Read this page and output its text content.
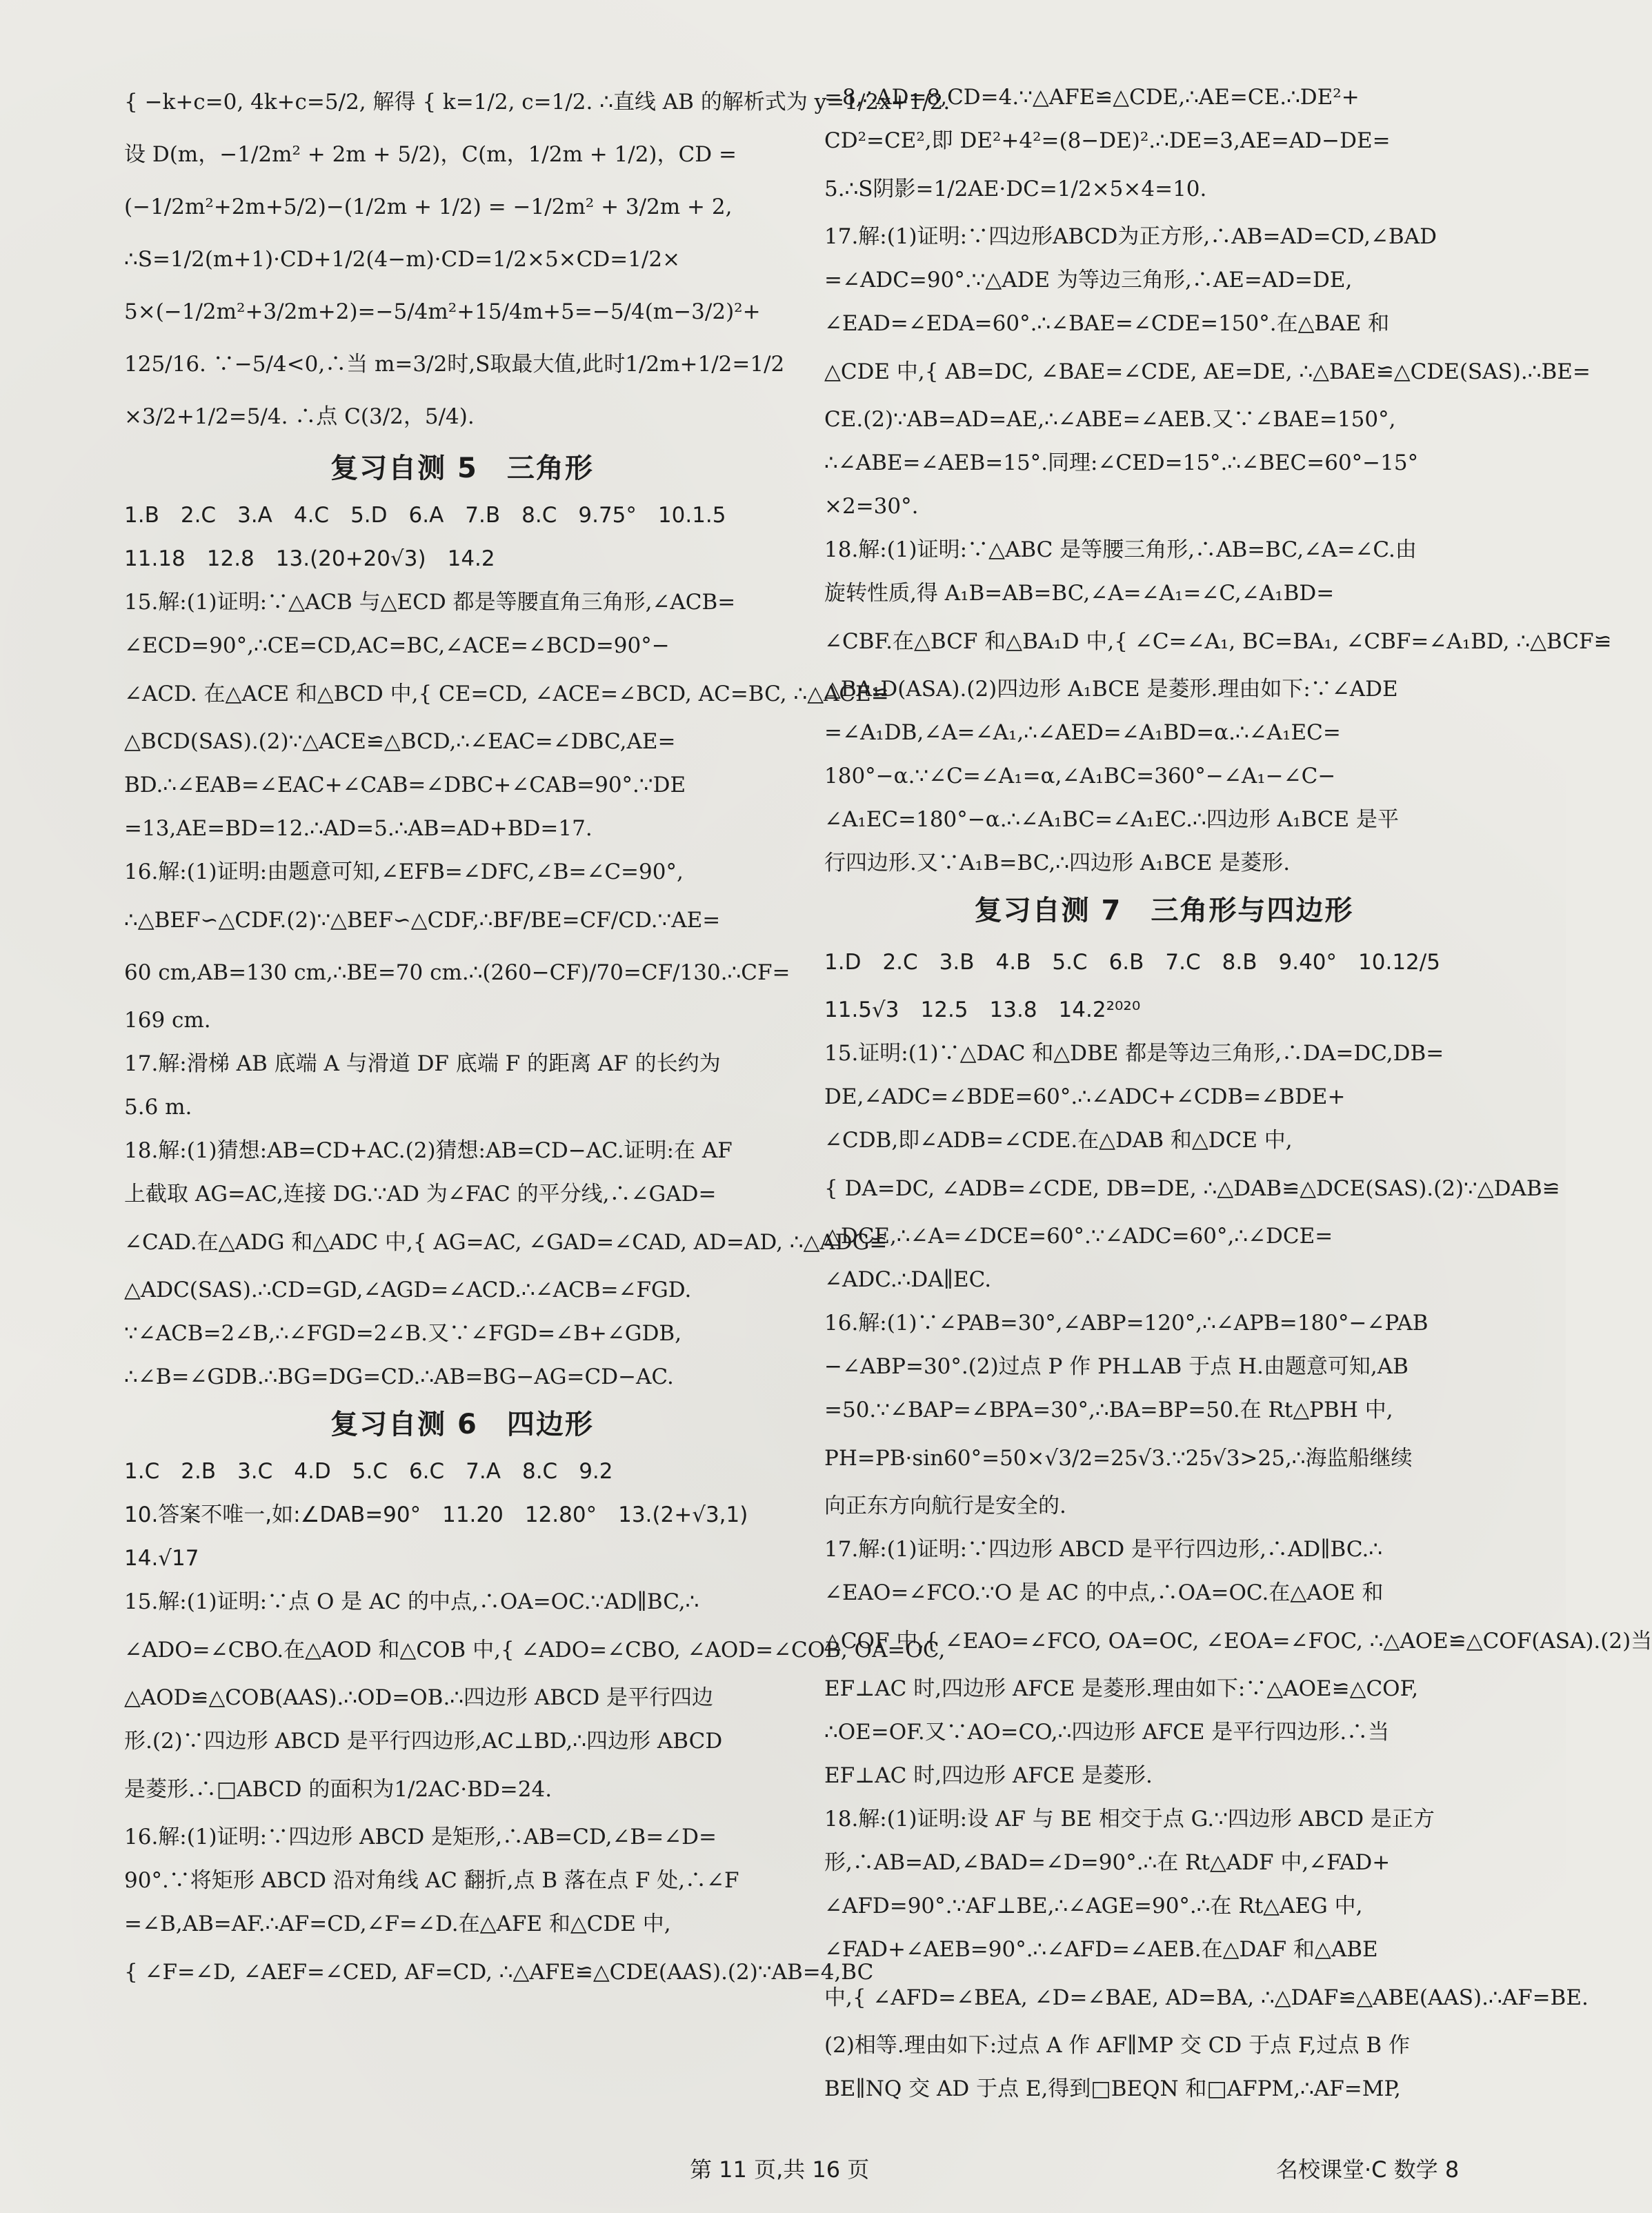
{ −k+c=0, 4k+c=5/2, 解得 { k=1/2, c=1/2. ∴直线 AB 的解析式为 y=1/2x+1/2.
设 D(m，−1/2m² + 2m + 5/2)，C(m，1/2m + 1/2)，CD =
(−1/2m²+2m+5/2)−(1/2m + 1/2) = −1/2m² + 3/2m + 2,
∴S=1/2(m+1)·CD+1/2(4−m)·CD=1/2×5×CD=1/2×
5×(−1/2m²+3/2m+2)=−5/4m²+15/4m+5=−5/4(m−3/2)²+
125/16. ∵−5/4<0,∴当 m=3/2时,S取最大值,此时1/2m+1/2=1/2
×3/2+1/2=5/4. ∴点 C(3/2，5/4).
复习自测 5　三角形
1.B　2.C　3.A　4.C　5.D　6.A　7.B　8.C　9.75°　10.1.5
11.18　12.8　13.(20+20√3)　14.2
15.解:(1)证明:∵△ACB 与△ECD 都是等腰直角三角形,∠ACB=
∠ECD=90°,∴CE=CD,AC=BC,∠ACE=∠BCD=90°−
∠ACD. 在△ACE 和△BCD 中,{ CE=CD, ∠ACE=∠BCD, AC=BC, ∴△ACE≌
△BCD(SAS).(2)∵△ACE≌△BCD,∴∠EAC=∠DBC,AE=
BD.∴∠EAB=∠EAC+∠CAB=∠DBC+∠CAB=90°.∵DE
=13,AE=BD=12.∴AD=5.∴AB=AD+BD=17.
16.解:(1)证明:由题意可知,∠EFB=∠DFC,∠B=∠C=90°,
∴△BEF∽△CDF.(2)∵△BEF∽△CDF,∴BF/BE=CF/CD.∵AE=
60 cm,AB=130 cm,∴BE=70 cm.∴(260−CF)/70=CF/130.∴CF=
169 cm.
17.解:滑梯 AB 底端 A 与滑道 DF 底端 F 的距离 AF 的长约为
5.6 m.
18.解:(1)猜想:AB=CD+AC.(2)猜想:AB=CD−AC.证明:在 AF
上截取 AG=AC,连接 DG.∵AD 为∠FAC 的平分线,∴∠GAD=
∠CAD.在△ADG 和△ADC 中,{ AG=AC, ∠GAD=∠CAD, AD=AD, ∴△ADG≌
△ADC(SAS).∴CD=GD,∠AGD=∠ACD.∴∠ACB=∠FGD.
∵∠ACB=2∠B,∴∠FGD=2∠B.又∵∠FGD=∠B+∠GDB,
∴∠B=∠GDB.∴BG=DG=CD.∴AB=BG−AG=CD−AC.
复习自测 6　四边形
1.C　2.B　3.C　4.D　5.C　6.C　7.A　8.C　9.2
10.答案不唯一,如:∠DAB=90°　11.20　12.80°　13.(2+√3,1)
14.√17
15.解:(1)证明:∵点 O 是 AC 的中点,∴OA=OC.∵AD∥BC,∴
∠ADO=∠CBO.在△AOD 和△COB 中,{ ∠ADO=∠CBO, ∠AOD=∠COB, OA=OC,
△AOD≌△COB(AAS).∴OD=OB.∴四边形 ABCD 是平行四边
形.(2)∵四边形 ABCD 是平行四边形,AC⊥BD,∴四边形 ABCD
是菱形.∴□ABCD 的面积为1/2AC·BD=24.
16.解:(1)证明:∵四边形 ABCD 是矩形,∴AB=CD,∠B=∠D=
90°.∵将矩形 ABCD 沿对角线 AC 翻折,点 B 落在点 F 处,∴∠F
=∠B,AB=AF.∴AF=CD,∠F=∠D.在△AFE 和△CDE 中,
{ ∠F=∠D, ∠AEF=∠CED, AF=CD, ∴△AFE≌△CDE(AAS).(2)∵AB=4,BC
=8,∴AD=8,CD=4.∵△AFE≌△CDE,∴AE=CE.∴DE²+
CD²=CE²,即 DE²+4²=(8−DE)².∴DE=3,AE=AD−DE=
5.∴S阴影=1/2AE·DC=1/2×5×4=10.
17.解:(1)证明:∵四边形ABCD为正方形,∴AB=AD=CD,∠BAD
=∠ADC=90°.∵△ADE 为等边三角形,∴AE=AD=DE,
∠EAD=∠EDA=60°.∴∠BAE=∠CDE=150°.在△BAE 和
△CDE 中,{ AB=DC, ∠BAE=∠CDE, AE=DE, ∴△BAE≌△CDE(SAS).∴BE=
CE.(2)∵AB=AD=AE,∴∠ABE=∠AEB.又∵∠BAE=150°,
∴∠ABE=∠AEB=15°.同理:∠CED=15°.∴∠BEC=60°−15°
×2=30°.
18.解:(1)证明:∵△ABC 是等腰三角形,∴AB=BC,∠A=∠C.由
旋转性质,得 A₁B=AB=BC,∠A=∠A₁=∠C,∠A₁BD=
∠CBF.在△BCF 和△BA₁D 中,{ ∠C=∠A₁, BC=BA₁, ∠CBF=∠A₁BD, ∴△BCF≌
△BA₁D(ASA).(2)四边形 A₁BCE 是菱形.理由如下:∵∠ADE
=∠A₁DB,∠A=∠A₁,∴∠AED=∠A₁BD=α.∴∠A₁EC=
180°−α.∵∠C=∠A₁=α,∠A₁BC=360°−∠A₁−∠C−
∠A₁EC=180°−α.∴∠A₁BC=∠A₁EC.∴四边形 A₁BCE 是平
行四边形.又∵A₁B=BC,∴四边形 A₁BCE 是菱形.
复习自测 7　三角形与四边形
1.D　2.C　3.B　4.B　5.C　6.B　7.C　8.B　9.40°　10.12/5
11.5√3　12.5　13.8　14.2²⁰²⁰
15.证明:(1)∵△DAC 和△DBE 都是等边三角形,∴DA=DC,DB=
DE,∠ADC=∠BDE=60°.∴∠ADC+∠CDB=∠BDE+
∠CDB,即∠ADB=∠CDE.在△DAB 和△DCE 中,
{ DA=DC, ∠ADB=∠CDE, DB=DE, ∴△DAB≌△DCE(SAS).(2)∵△DAB≌
△DCE,∴∠A=∠DCE=60°.∵∠ADC=60°,∴∠DCE=
∠ADC.∴DA∥EC.
16.解:(1)∵∠PAB=30°,∠ABP=120°,∴∠APB=180°−∠PAB
−∠ABP=30°.(2)过点 P 作 PH⊥AB 于点 H.由题意可知,AB
=50.∵∠BAP=∠BPA=30°,∴BA=BP=50.在 Rt△PBH 中,
PH=PB·sin60°=50×√3/2=25√3.∵25√3>25,∴海监船继续
向正东方向航行是安全的.
17.解:(1)证明:∵四边形 ABCD 是平行四边形,∴AD∥BC.∴
∠EAO=∠FCO.∵O 是 AC 的中点,∴OA=OC.在△AOE 和
△COF 中,{ ∠EAO=∠FCO, OA=OC, ∠EOA=∠FOC, ∴△AOE≌△COF(ASA).(2)当
EF⊥AC 时,四边形 AFCE 是菱形.理由如下:∵△AOE≌△COF,
∴OE=OF.又∵AO=CO,∴四边形 AFCE 是平行四边形.∴当
EF⊥AC 时,四边形 AFCE 是菱形.
18.解:(1)证明:设 AF 与 BE 相交于点 G.∵四边形 ABCD 是正方
形,∴AB=AD,∠BAD=∠D=90°.∴在 Rt△ADF 中,∠FAD+
∠AFD=90°.∵AF⊥BE,∴∠AGE=90°.∴在 Rt△AEG 中,
∠FAD+∠AEB=90°.∴∠AFD=∠AEB.在△DAF 和△ABE
中,{ ∠AFD=∠BEA, ∠D=∠BAE, AD=BA, ∴△DAF≌△ABE(AAS).∴AF=BE.
(2)相等.理由如下:过点 A 作 AF∥MP 交 CD 于点 F,过点 B 作
BE∥NQ 交 AD 于点 E,得到□BEQN 和□AFPM,∴AF=MP,
第 11 页,共 16 页	名校课堂·C 数学 8
